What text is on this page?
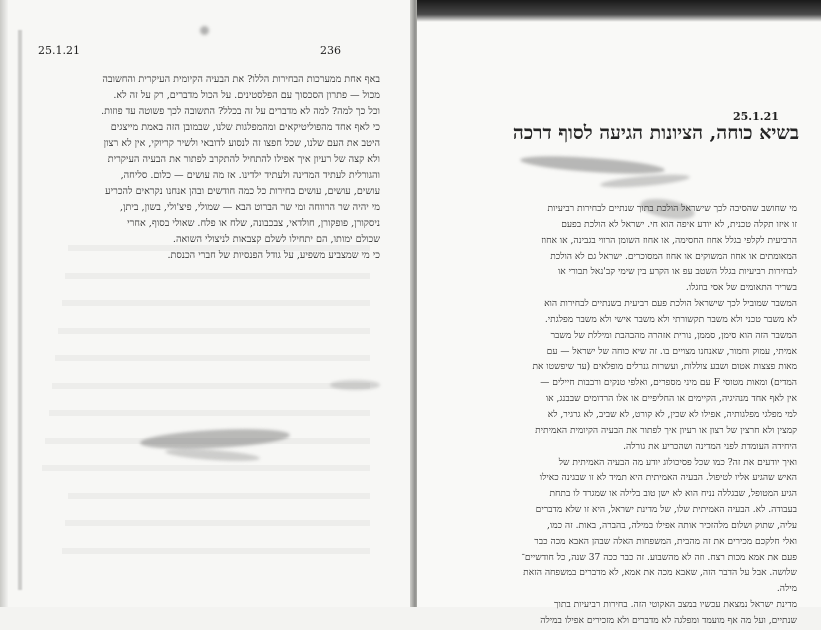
25.1.21	236
באף אחת ממערכות הבחירות הללו? את הבעיה הקיומית העיקרית והחשובה
מכול — פתרון הסכסוך עם הפלסטינים. על הכול מדברים, רק על זה לא.
וכל כך למה? למה לא מדברים על זה בכלל? התשובה לכך פשוטה עד פוזות.
כי לאף אחד מהפוליטיקאים ומהמפלגות שלנו, שבמובן הזה באמת מייצגים
היטב את העם שלנו, שכל חפצו זה לנסוע לדובאי ולשיר קריוקי, אין לא רצון
ולא קצה של רעיון איך אפילו להתחיל להתקרב לפתור את הבעיה העיקרית
והגורלית לעתיד המדינה ולעתיד ילדינו. אז מה עושים — כלום. סליחה,
עושים, עושים, עושים בחירות כל כמה חודשים ובהן אנחנו נקראים להכריע
מי יהיה שר הרווחה ומי שר הברוט הבא — שמולי, פיצ'ולי, בשון, ביתן,
ניסקורן, פופקורן, חולדאי, צבכבונה, שלח או פלח. שאולי בסוף, אחרי
שכולם ימותו, הם יתחילו לשלם קצבאות לניצולי השואה.
כי מי שמצביע משפיע, על גודל הפנסיות של חברי הכנסת.
25.1.21
בשיא כוחה, הציונות הגיעה לסוף דרכה
מי שחושב שהסיבה לכך שישראל הולכת בתוך שנתיים לבחירות רביעיות
זו איזו תקלה טכנית, לא יודע איפה הוא חי. ישראל לא הולכת בפעם
הרביעית לקלפי בגלל אחוז החסימה, או אחוז השומן הרווי בגבינה, או אחוז
המאומתים או אחוז המשוקים או אחוז המסוכרים. ישראל גם לא הולכת
לבחירות רביעיות בגלל השטב עפ או הקרע בין שימי קב'נאל תבורי או
בשריר התאומים של אסי בוזגלו.
המשבר שמוביל לכך שישראל הולכת פעם רביעית בשנתיים לבחירות הוא
לא משבר טכני ולא משבר תקשורתי ולא משבר אישי ולא משבר מפלגתי.
המשבר הזה הוא סימן, סממן, נורית אזהרה מהבהבת ומיללת של משבר
אמיתי, עמוק וחמור, שאנחנו מצויים בו. זה שיא כוחה של ישראל — עם
מאות פצצות אטום ושבע צוללות, ועשרות גנרלים מופלאים (עד שיפשטו את
המדים) ומאות מטוסי F עם מיני מספרים, ואלפי טנקים ורבבות חיילים —
אין לאף אחד מנהיגיה, הקיימים או החליפיים או אלו הרדומים שבבנג, או
למי מפלגי מפלגותיה, אפילו לא שכין, לא קורט, לא שביב, לא גרגיר, לא
קמצין ולא חרצין של רצון או רעיון איך לפתור את הבעיה הקיומית האמיתית
היחידה העומדת לפני המדינה ושהכריע את גורלה.
ואיך יודעים את זה? כמו שכל פסיכולוג יודע מה הבעיה האמיתית של
האיש שהגיע אליו לטיפול. הבעיה האמיתית היא תמיד לא זו שבגינה כאילו
הגיע המטופל, שבגללה נניח הוא לא ישן טוב בלילה או שמגרד לו בתחת
בעבודה. לא. הבעיה האמיתית שלו, של מדינת ישראל, היא זו שלא מדברים
עליה, שתוק ושלום מלהזכיר אותה אפילו במילה, בהברה, באות. זה כמו,
ואלי חלקכם מכירים את זה מהבית, המשפחות האלה שבהן האבא מכה כבר
פעם את אמא מכות רצח. וזה לא מהשבוע. זה כבר ככה 37 שנה, כל חודשיים־
שלושה. אבל על הדבר הזה, שאבא מכה את אמא, לא מדברים במשפחה הזאת
מילה.
מדינת ישראל נמצאת עכשיו במצב האקוטי הזה. בחירות רביעיות בתוך
שנתיים, ועל מה אף מועמד ומפלגה לא מדברים ולא מזכירים אפילו במילה
